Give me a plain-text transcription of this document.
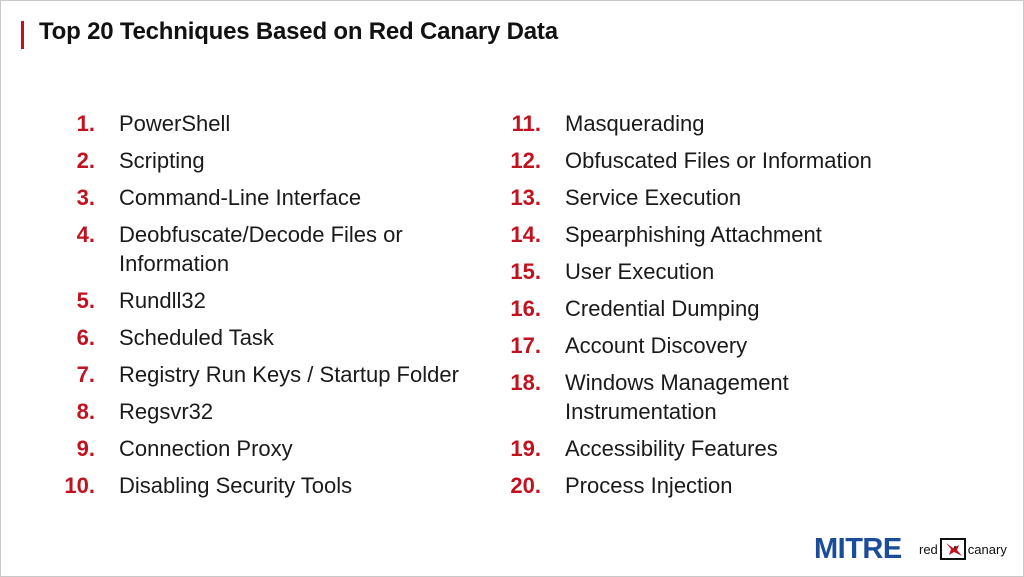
Top 20 Techniques Based on Red Canary Data
1. PowerShell
2. Scripting
3. Command-Line Interface
4. Deobfuscate/Decode Files or Information
5. Rundll32
6. Scheduled Task
7. Registry Run Keys / Startup Folder
8. Regsvr32
9. Connection Proxy
10. Disabling Security Tools
11. Masquerading
12. Obfuscated Files or Information
13. Service Execution
14. Spearphishing Attachment
15. User Execution
16. Credential Dumping
17. Account Discovery
18. Windows Management Instrumentation
19. Accessibility Features
20. Process Injection
MITRE red canary
